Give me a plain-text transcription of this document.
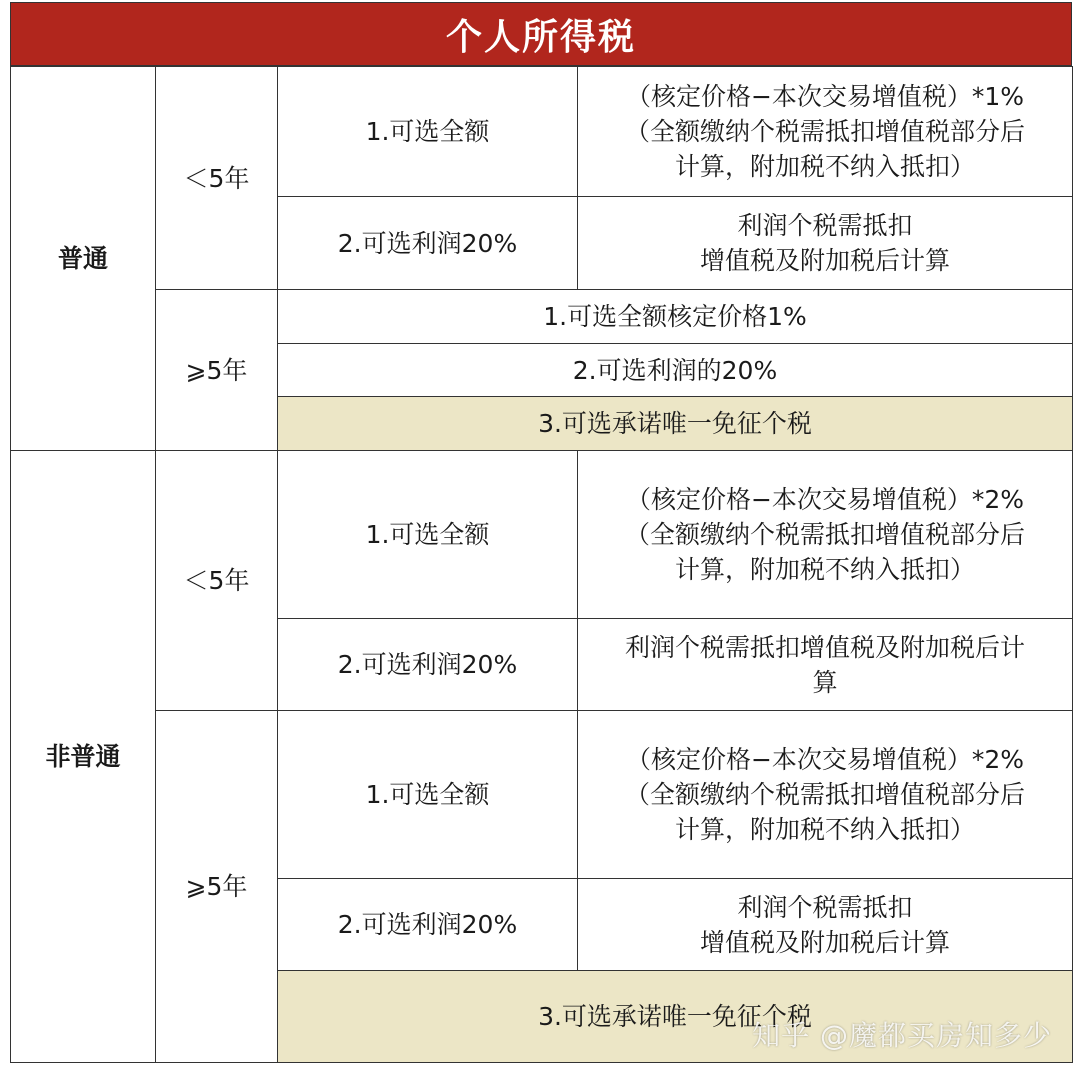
个人所得税
普通	＜5年	1.可选全额	（核定价格−本次交易增值税）*1%
（全额缴纳个税需抵扣增值税部分后
计算，附加税不纳入抵扣）

		2.可选利润20%	利润个税需抵扣
增值税及附加税后计算

	⩾5年	1.可选全额核定价格1%	
		2.可选利润的20%	
		3.可选承诺唯一免征个税	
非普通	＜5年	1.可选全额	（核定价格−本次交易增值税）*2%
（全额缴纳个税需抵扣增值税部分后
计算，附加税不纳入抵扣）

		2.可选利润20%	利润个税需抵扣增值税及附加税后计
算

	⩾5年	1.可选全额	（核定价格−本次交易增值税）*2%
（全额缴纳个税需抵扣增值税部分后
计算，附加税不纳入抵扣）

		2.可选利润20%	利润个税需抵扣
增值税及附加税后计算

		3.可选承诺唯一免征个税	
知乎 @魔都买房知多少
